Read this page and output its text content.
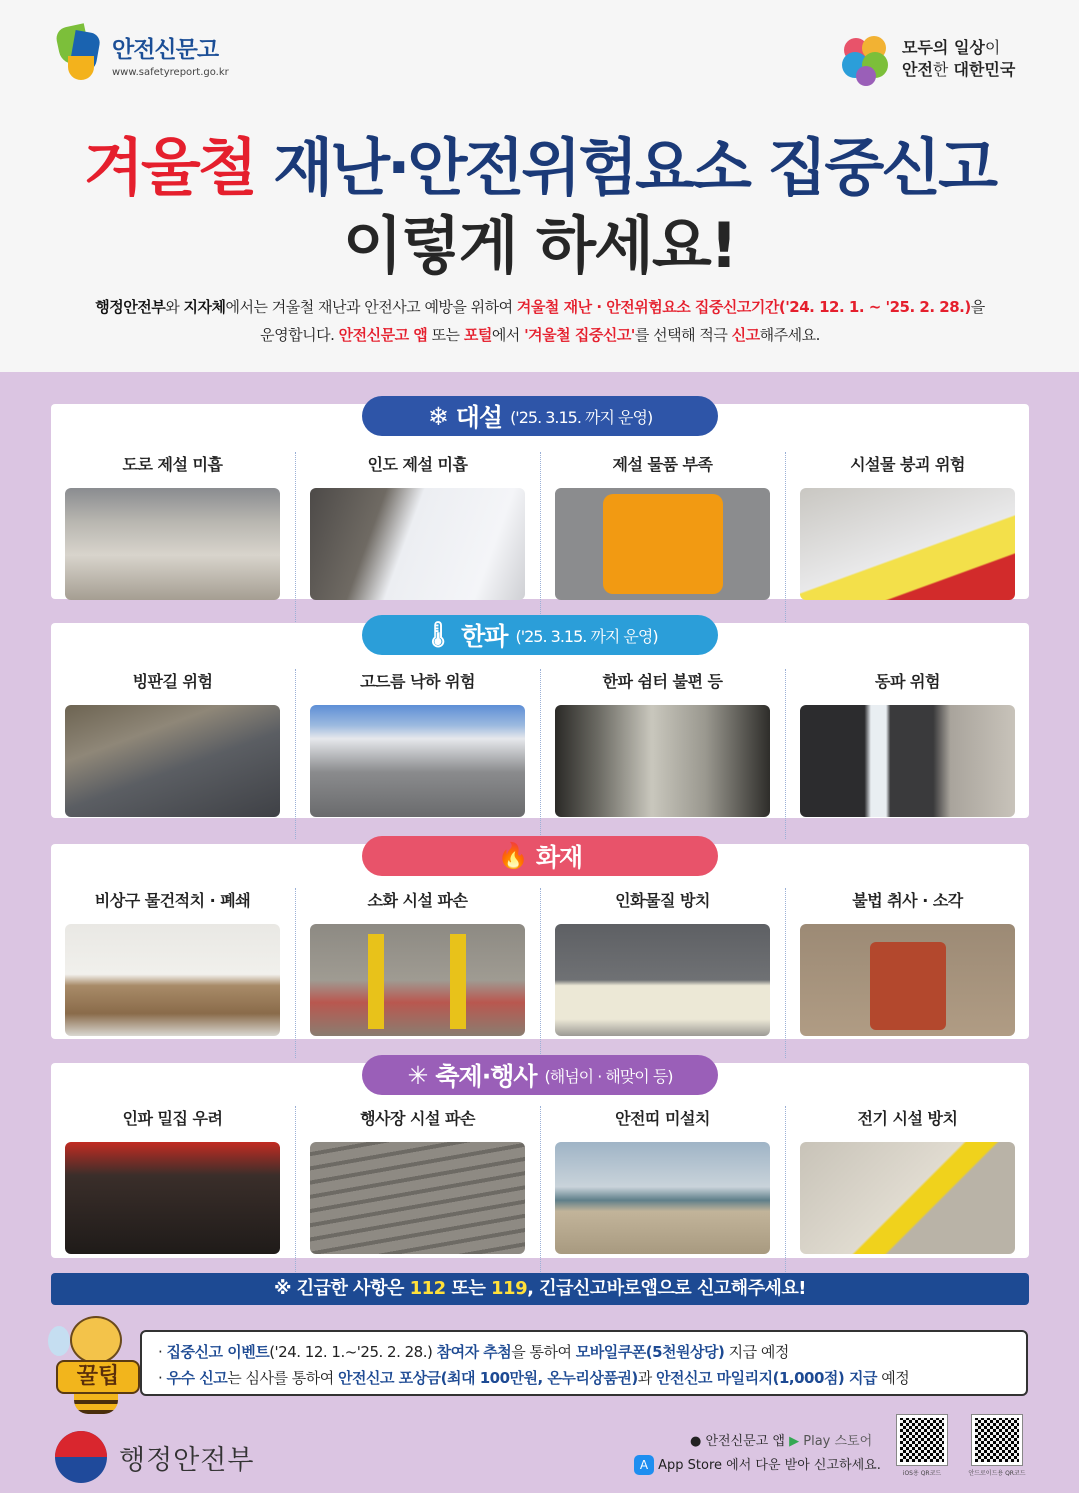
안전신문고
www.safetyreport.go.kr
모두의 일상이
안전한 대한민국
겨울철 재난·안전위험요소 집중신고
이렇게 하세요!
행정안전부와 지자체에서는 겨울철 재난과 안전사고 예방을 위하여 겨울철 재난 · 안전위험요소 집중신고기간('24. 12. 1. ~ '25. 2. 28.)을
운영합니다. 안전신문고 앱 또는 포털에서 '겨울철 집중신고'를 선택해 적극 신고해주세요.
❄ 대설 ('25. 3.15. 까지 운영)
도로 제설 미흡	인도 제설 미흡	제설 물품 부족	시설물 붕괴 위험
🌡 한파 ('25. 3.15. 까지 운영)
빙판길 위험	고드름 낙하 위험	한파 쉼터 불편 등	동파 위험
🔥 화재
비상구 물건적치 · 폐쇄	소화 시설 파손	인화물질 방치	불법 취사 · 소각
✳ 축제·행사 (해넘이 · 해맞이 등)
인파 밀집 우려	행사장 시설 파손	안전띠 미설치	전기 시설 방치
※ 긴급한 사항은 112 또는 119, 긴급신고바로앱으로 신고해주세요!
· 집중신고 이벤트('24. 12. 1.~'25. 2. 28.) 참여자 추첨을 통하여 모바일쿠폰(5천원상당) 지급 예정
· 우수 신고는 심사를 통하여 안전신고 포상금(최대 100만원, 온누리상품권)과 안전신고 마일리지(1,000점) 지급 예정
꿀팁
행정안전부
● 안전신문고 앱 ▶ Play 스토어
A App Store 에서 다운 받아 신고하세요.
iOS용 QR코드	안드로이드용 QR코드
